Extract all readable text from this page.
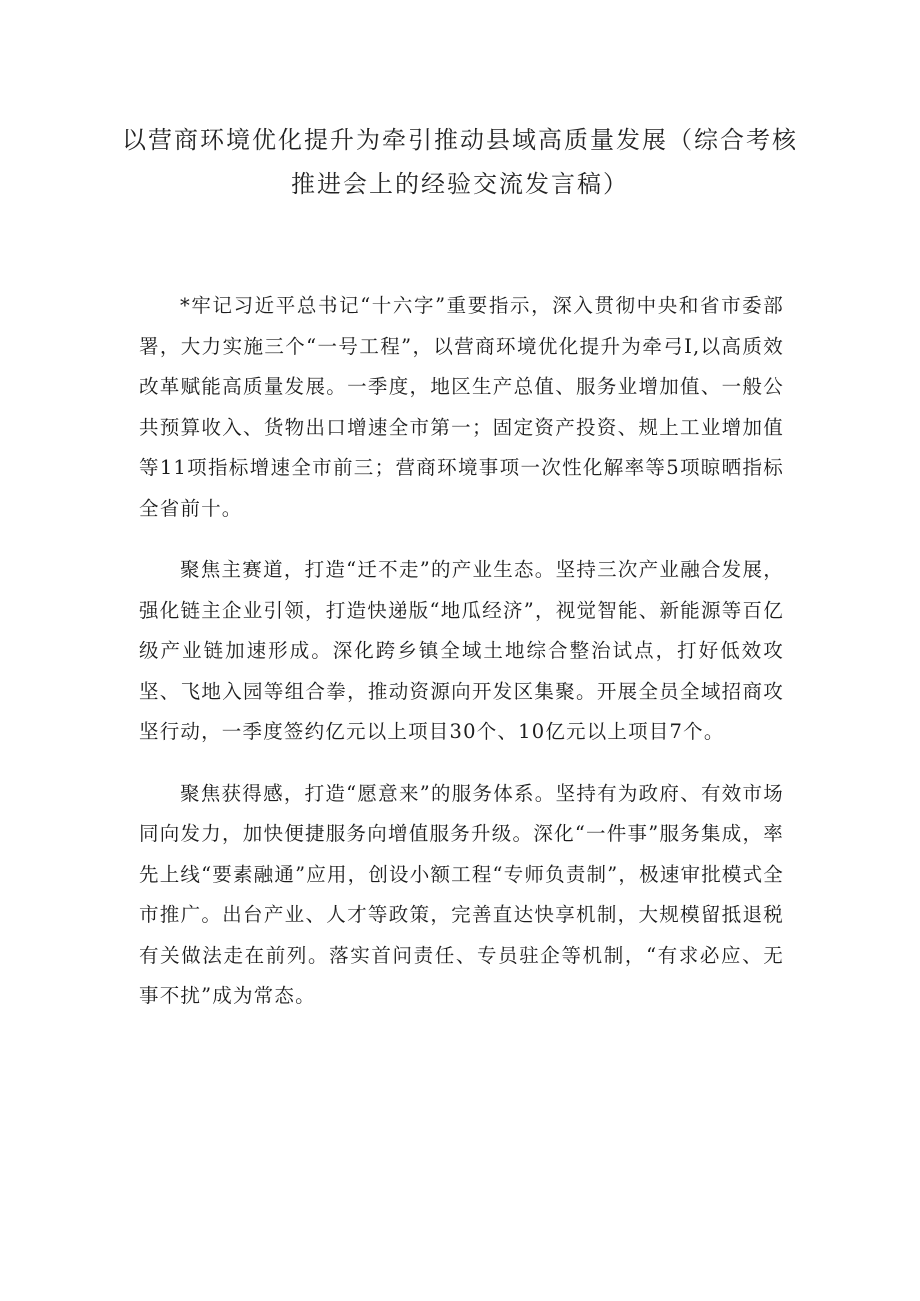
以营商环境优化提升为牵引推动县域高质量发展（综合考核
推进会上的经验交流发言稿）

*牢记习近平总书记“十六字”重要指示，深入贯彻中央和省市委部署，大力实施三个“一号工程”，以营商环境优化提升为牵弓I,以高质效改革赋能高质量发展。一季度，地区生产总值、服务业增加值、一般公共预算收入、货物出口增速全市第一；固定资产投资、规上工业增加值等11项指标增速全市前三；营商环境事项一次性化解率等5项晾晒指标全省前十。

聚焦主赛道，打造“迁不走”的产业生态。坚持三次产业融合发展，强化链主企业引领，打造快递版“地瓜经济”，视觉智能、新能源等百亿级产业链加速形成。深化跨乡镇全域土地综合整治试点，打好低效攻坚、飞地入园等组合拳，推动资源向开发区集聚。开展全员全域招商攻坚行动，一季度签约亿元以上项目30个、10亿元以上项目7个。

聚焦获得感，打造“愿意来”的服务体系。坚持有为政府、有效市场同向发力，加快便捷服务向增值服务升级。深化“一件事”服务集成，率先上线“要素融通”应用，创设小额工程“专师负责制”，极速审批模式全市推广。出台产业、人才等政策，完善直达快享机制，大规模留抵退税有关做法走在前列。落实首问责任、专员驻企等机制，“有求必应、无事不扰”成为常态。
